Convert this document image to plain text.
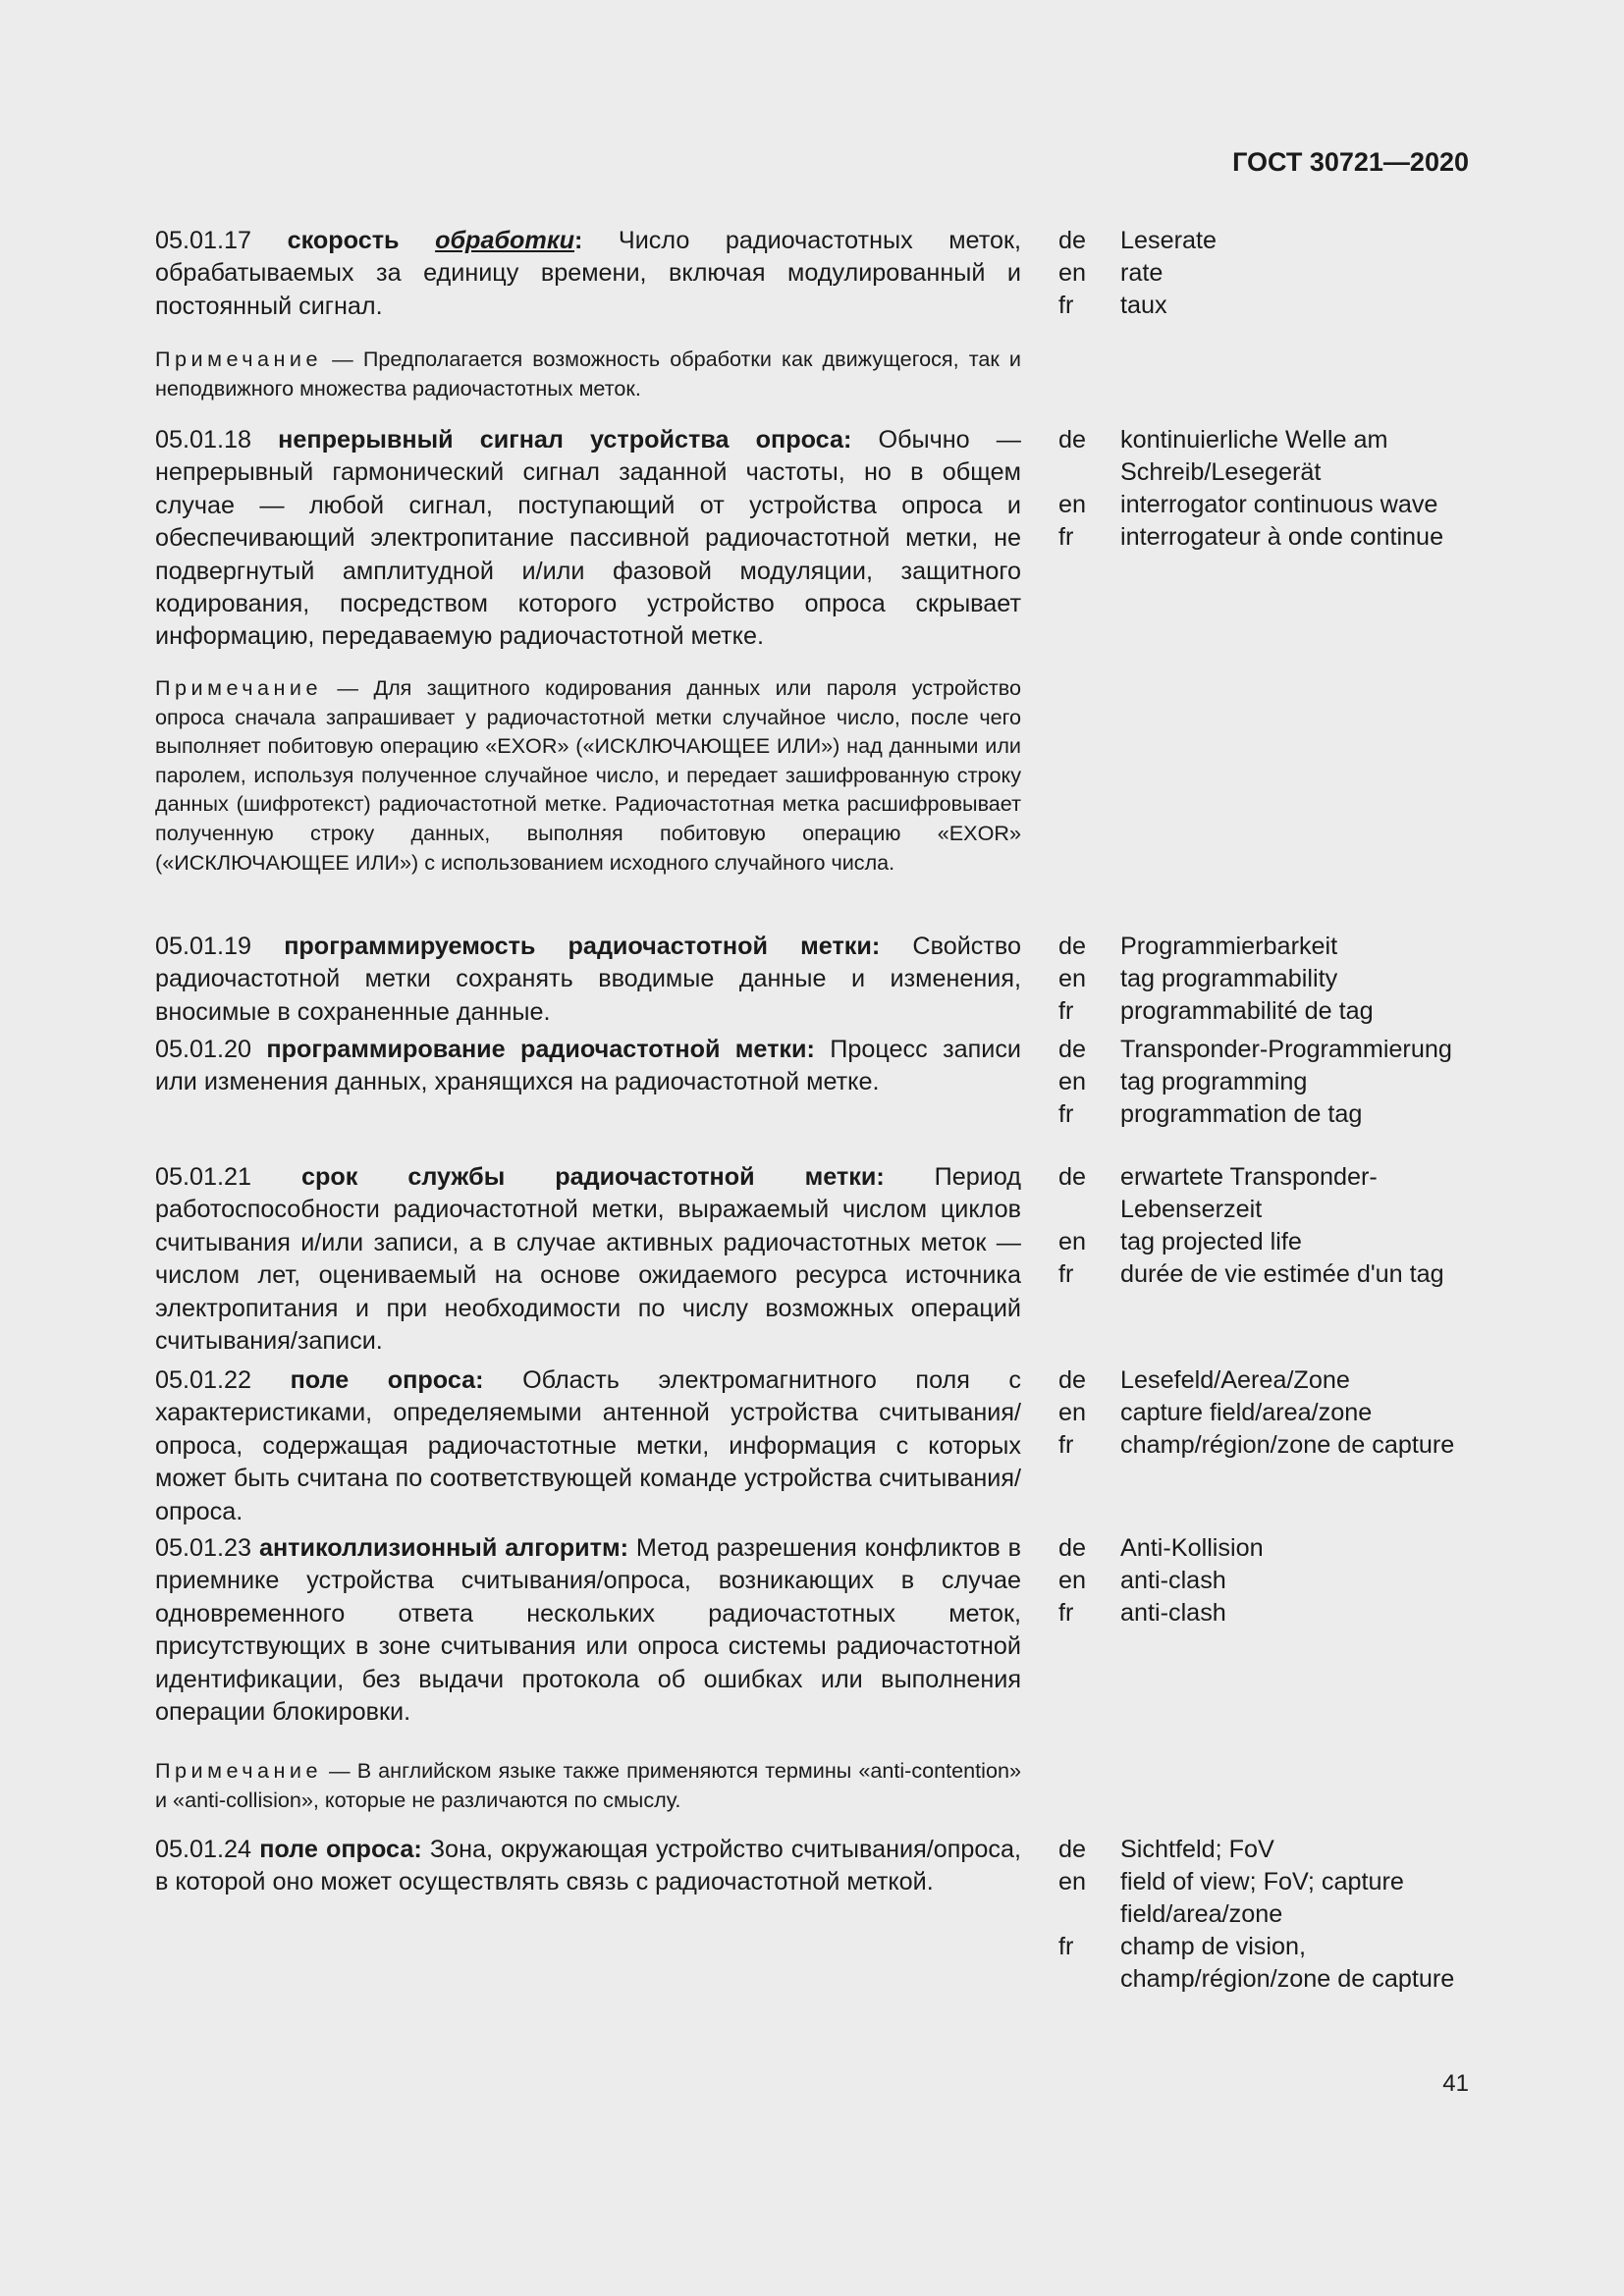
ГОСТ 30721—2020
05.01.17 скорость обработки: Число радиочастотных меток, обрабатываемых за единицу времени, включая модулированный и постоянный сигнал.
de	Leserate
en	rate
fr	taux
Примечание — Предполагается возможность обработки как движущегося, так и неподвижного множества радиочастотных меток.
05.01.18 непрерывный сигнал устройства опроса: Обычно — непрерывный гармонический сигнал заданной частоты, но в общем случае — любой сигнал, поступающий от устройства опроса и обеспечивающий электропитание пассивной радиочастотной метки, не подвергнутый амплитудной и/или фазовой модуляции, защитного кодирования, посредством которого устройство опроса скрывает информацию, передаваемую радиочастотной метке.
de	kontinuierliche Welle am Schreib/Lesegerät
en	interrogator continuous wave
fr	interrogateur à onde continue
Примечание — Для защитного кодирования данных или пароля устройство опроса сначала запрашивает у радиочастотной метки случайное число, после чего выполняет побитовую операцию «EXOR» («ИСКЛЮЧАЮЩЕЕ ИЛИ») над данными или паролем, используя полученное случайное число, и передает зашифрованную строку данных (шифротекст) радиочастотной метке. Радиочастотная метка расшифровывает полученную строку данных, выполняя побитовую операцию «EXOR» («ИСКЛЮЧАЮЩЕЕ ИЛИ») с использованием исходного случайного числа.
05.01.19 программируемость радиочастотной метки: Свойство радиочастотной метки сохранять вводимые данные и изменения, вносимые в сохраненные данные.
de	Programmierbarkeit
en	tag programmability
fr	programmabilité de tag
05.01.20 программирование радиочастотной метки: Процесс записи или изменения данных, хранящихся на радиочастотной метке.
de	Transponder-Programmierung
en	tag programming
fr	programmation de tag
05.01.21 срок службы радиочастотной метки: Период работоспособности радиочастотной метки, выражаемый числом циклов считывания и/или записи, а в случае активных радиочастотных меток — числом лет, оцениваемый на основе ожидаемого ресурса источника электропитания и при необходимости по числу возможных операций считывания/записи.
de	erwartete Transponder-Lebenserzeit
en	tag projected life
fr	durée de vie estimée d'un tag
05.01.22 поле опроса: Область электромагнитного поля с характеристиками, определяемыми антенной устройства считывания/опроса, содержащая радиочастотные метки, информация с которых может быть считана по соответствующей команде устройства считывания/опроса.
de	Lesefeld/Aerea/Zone
en	capture field/area/zone
fr	champ/région/zone de capture
05.01.23 антиколлизионный алгоритм: Метод разрешения конфликтов в приемнике устройства считывания/опроса, возникающих в случае одновременного ответа нескольких радиочастотных меток, присутствующих в зоне считывания или опроса системы радиочастотной идентификации, без выдачи протокола об ошибках или выполнения операции блокировки.
de	Anti-Kollision
en	anti-clash
fr	anti-clash
Примечание — В английском языке также применяются термины «anti-contention» и «anti-collision», которые не различаются по смыслу.
05.01.24 поле опроса: Зона, окружающая устройство считывания/опроса, в которой оно может осуществлять связь с радиочастотной меткой.
de	Sichtfeld; FoV
en	field of view; FoV; capture field/area/zone
fr	champ de vision, champ/région/zone de capture
41
